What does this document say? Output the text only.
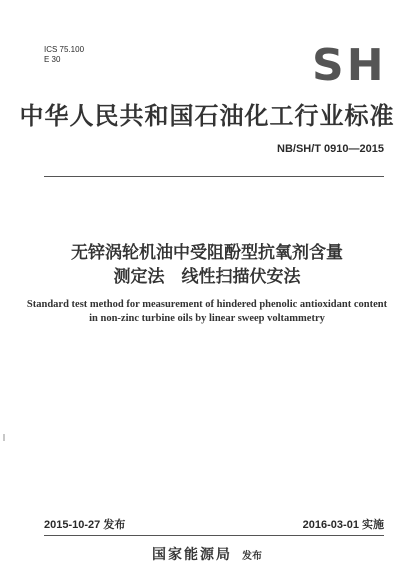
ICS 75.100
E 30	SH
中华人民共和国石油化工行业标准
NB/SH/T 0910—2015
无锌涡轮机油中受阻酚型抗氧剂含量
测定法　线性扫描伏安法
Standard test method for measurement of hindered phenolic antioxidant content
in non-zinc turbine oils by linear sweep voltammetry
2015-10-27 发布	2016-03-01 实施
国家能源局 发布
